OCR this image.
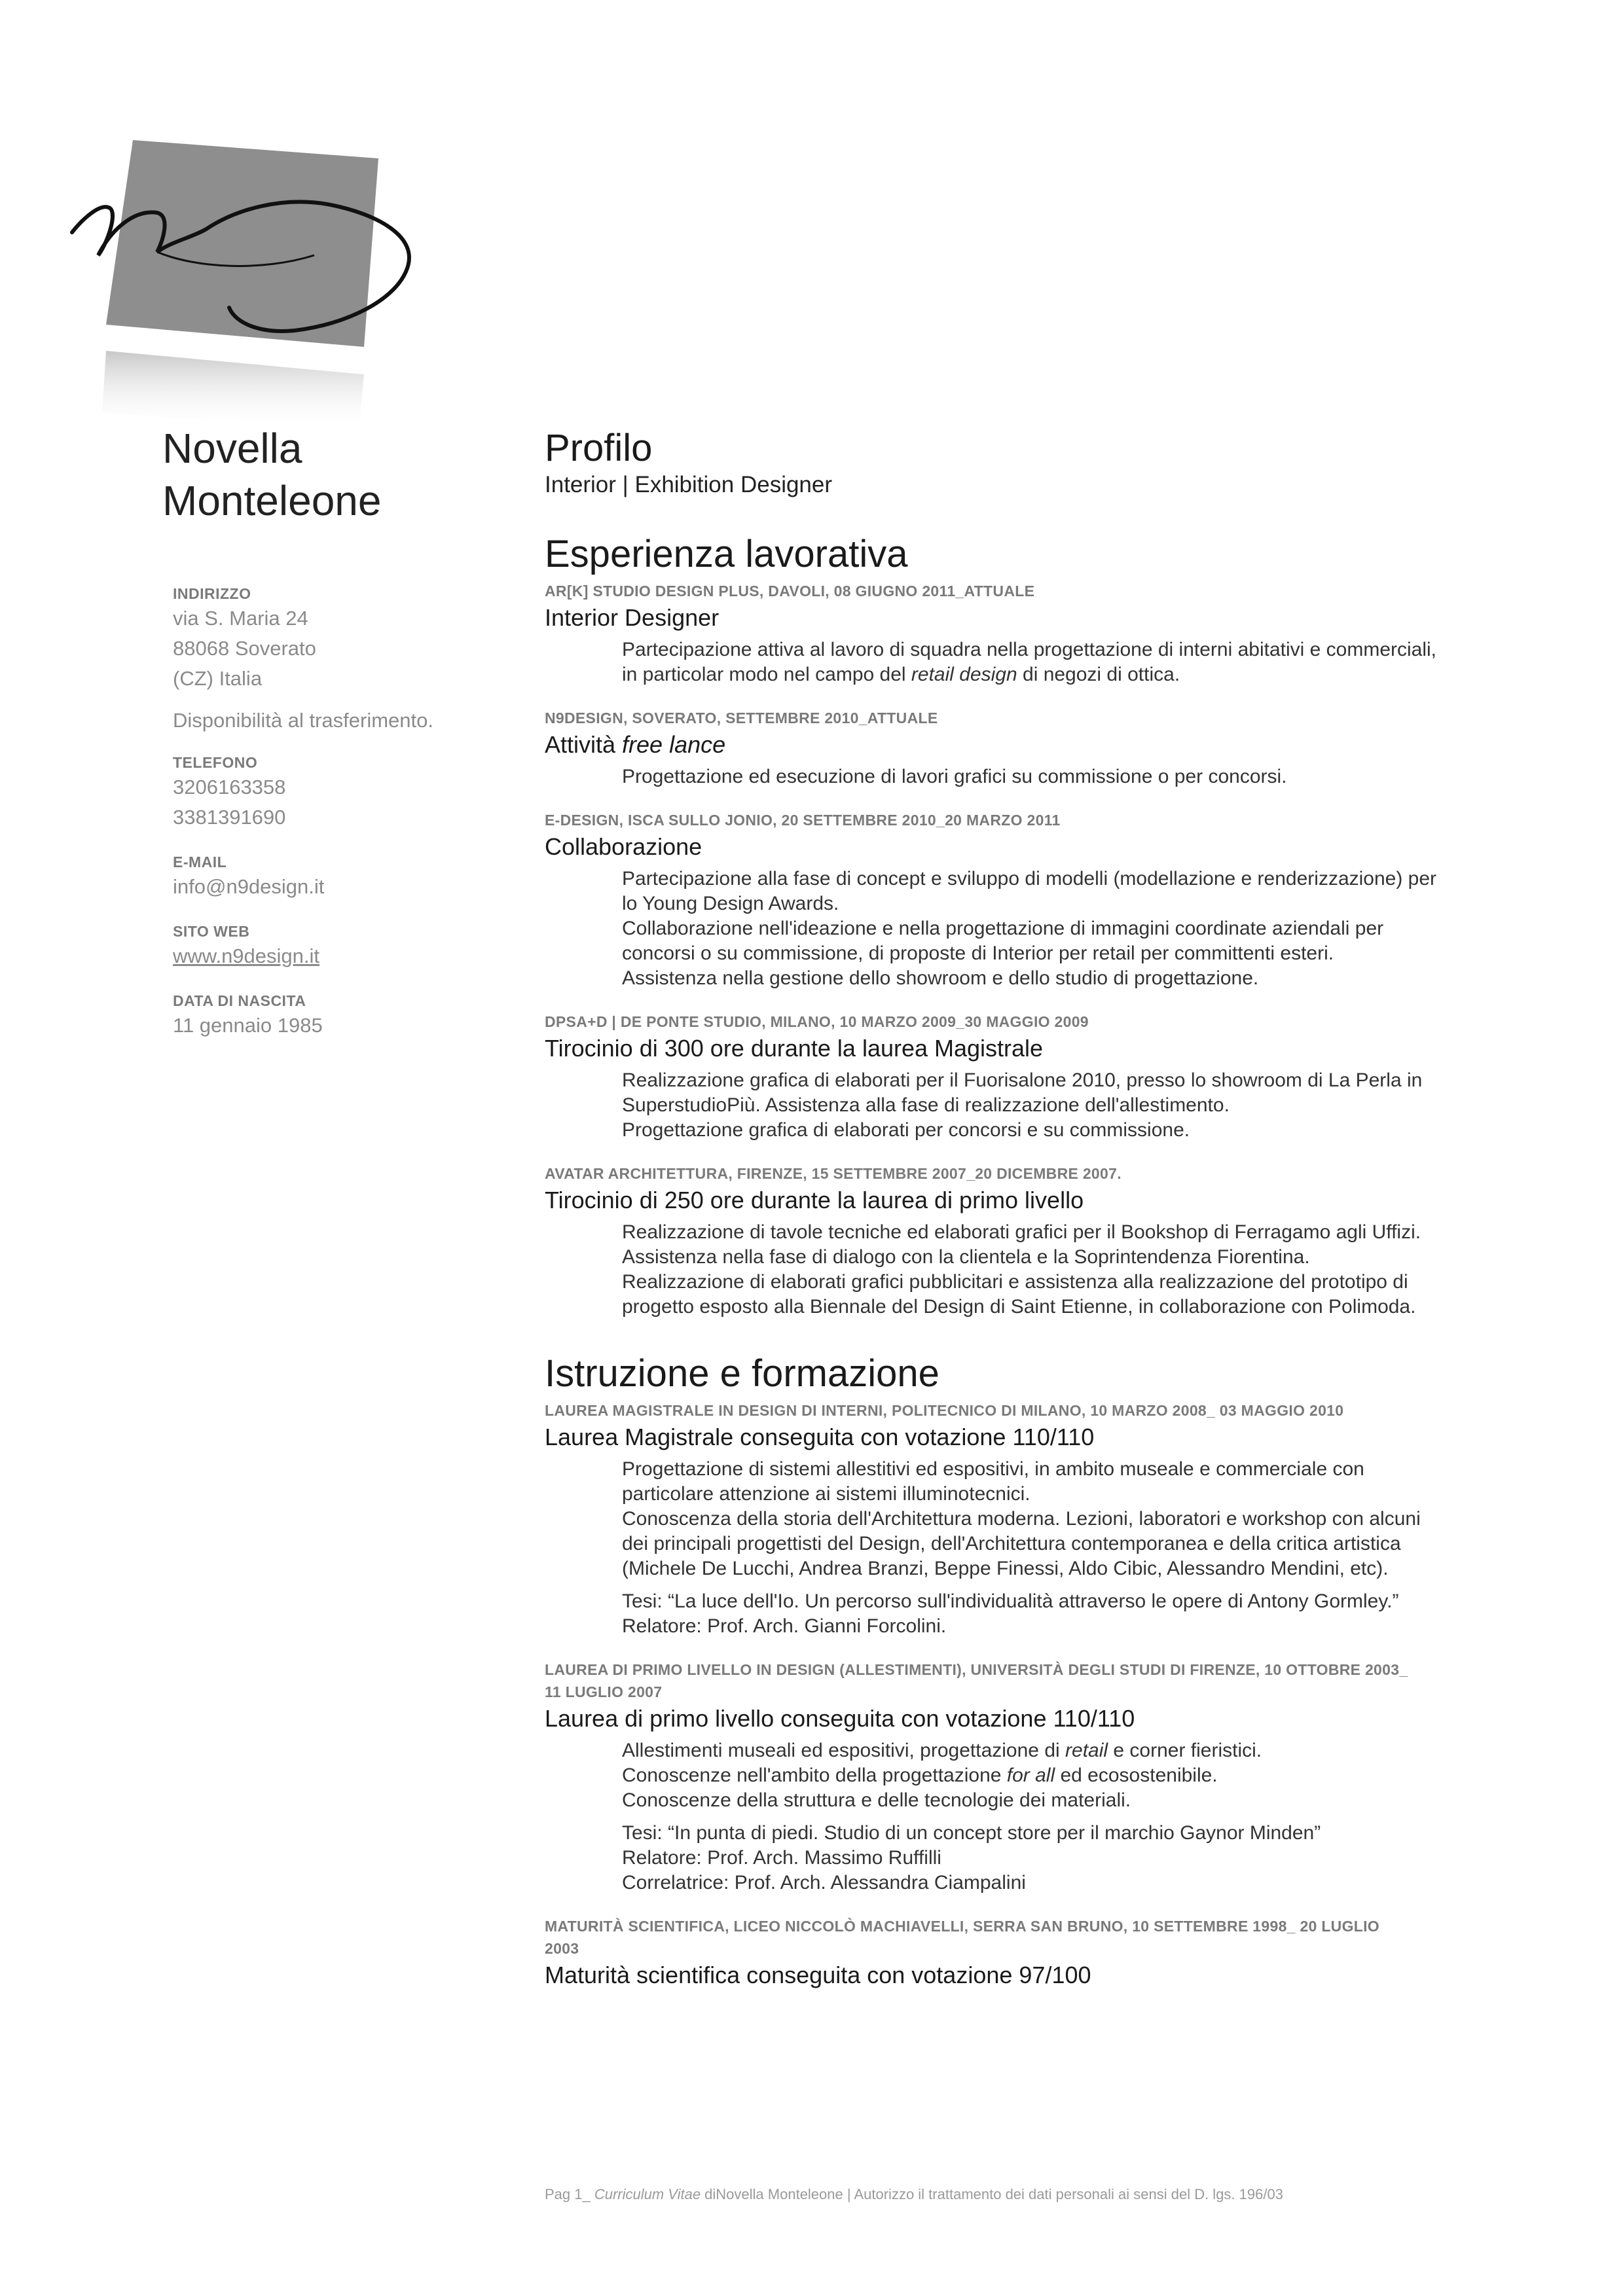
Novella
Monteleone
INDIRIZZO
via S. Maria 24
88068 Soverato
(CZ) Italia
Disponibilità al trasferimento.
TELEFONO
3206163358
3381391690
E-MAIL
info@n9design.it
SITO WEB
www.n9design.it
DATA DI NASCITA
11 gennaio 1985
Profilo
Interior | Exhibition Designer
Esperienza lavorativa
AR[K] STUDIO DESIGN PLUS, DAVOLI, 08 GIUGNO 2011_ATTUALE
Interior Designer

Partecipazione attiva al lavoro di squadra nella progettazione di interni abitativi e commerciali,

in particolar modo nel campo del retail design di negozi di ottica.

N9DESIGN, SOVERATO, SETTEMBRE 2010_ATTUALE
Attività free lance

Progettazione ed esecuzione di lavori grafici su commissione o per concorsi.

E-DESIGN, ISCA SULLO JONIO, 20 SETTEMBRE 2010_20 MARZO 2011
Collaborazione

Partecipazione alla fase di concept e sviluppo di modelli (modellazione e renderizzazione) per

lo Young Design Awards.

Collaborazione nell'ideazione e nella progettazione di immagini coordinate aziendali per

concorsi o su commissione, di proposte di Interior per retail per committenti esteri.

Assistenza nella gestione dello showroom e dello studio di progettazione.

DPSA+D | DE PONTE STUDIO, MILANO, 10 MARZO 2009_30 MAGGIO 2009
Tirocinio di 300 ore durante la laurea Magistrale

Realizzazione grafica di elaborati per il Fuorisalone 2010, presso lo showroom di La Perla in

SuperstudioPiù. Assistenza alla fase di realizzazione dell'allestimento.

Progettazione grafica di elaborati per concorsi e su commissione.

AVATAR ARCHITETTURA, FIRENZE, 15 SETTEMBRE 2007_20 DICEMBRE 2007.
Tirocinio di 250 ore durante la laurea di primo livello

Realizzazione di tavole tecniche ed elaborati grafici per il Bookshop di Ferragamo agli Uffizi.

Assistenza nella fase di dialogo con la clientela e la Soprintendenza Fiorentina.

Realizzazione di elaborati grafici pubblicitari e assistenza alla realizzazione del prototipo di

progetto esposto alla Biennale del Design di Saint Etienne, in collaborazione con Polimoda.

Istruzione e formazione
LAUREA MAGISTRALE IN DESIGN DI INTERNI, POLITECNICO DI MILANO, 10 MARZO 2008_ 03 MAGGIO 2010
Laurea Magistrale conseguita con votazione 110/110

Progettazione di sistemi allestitivi ed espositivi, in ambito museale e commerciale con

particolare attenzione ai sistemi illuminotecnici.

Conoscenza della storia dell'Architettura moderna. Lezioni, laboratori e workshop con alcuni

dei principali progettisti del Design, dell'Architettura contemporanea e della critica artistica

(Michele De Lucchi, Andrea Branzi, Beppe Finessi, Aldo Cibic, Alessandro Mendini, etc).

Tesi: “La luce dell'Io. Un percorso sull'individualità attraverso le opere di Antony Gormley.”

Relatore: Prof. Arch. Gianni Forcolini.

LAUREA DI PRIMO LIVELLO IN DESIGN (ALLESTIMENTI), UNIVERSITÀ DEGLI STUDI DI FIRENZE, 10 OTTOBRE 2003_
11 LUGLIO 2007
Laurea di primo livello conseguita con votazione 110/110

Allestimenti museali ed espositivi, progettazione di retail e corner fieristici.

Conoscenze nell'ambito della progettazione for all ed ecosostenibile.

Conoscenze della struttura e delle tecnologie dei materiali.

Tesi: “In punta di piedi. Studio di un concept store per il marchio Gaynor Minden”

Relatore: Prof. Arch. Massimo Ruffilli

Correlatrice: Prof. Arch. Alessandra Ciampalini

MATURITÀ SCIENTIFICA, LICEO NICCOLÒ MACHIAVELLI, SERRA SAN BRUNO, 10 SETTEMBRE 1998_ 20 LUGLIO
2003
Maturità scientifica conseguita con votazione 97/100
Pag 1_ Curriculum Vitae diNovella Monteleone | Autorizzo il trattamento dei dati personali ai sensi del D. lgs. 196/03
